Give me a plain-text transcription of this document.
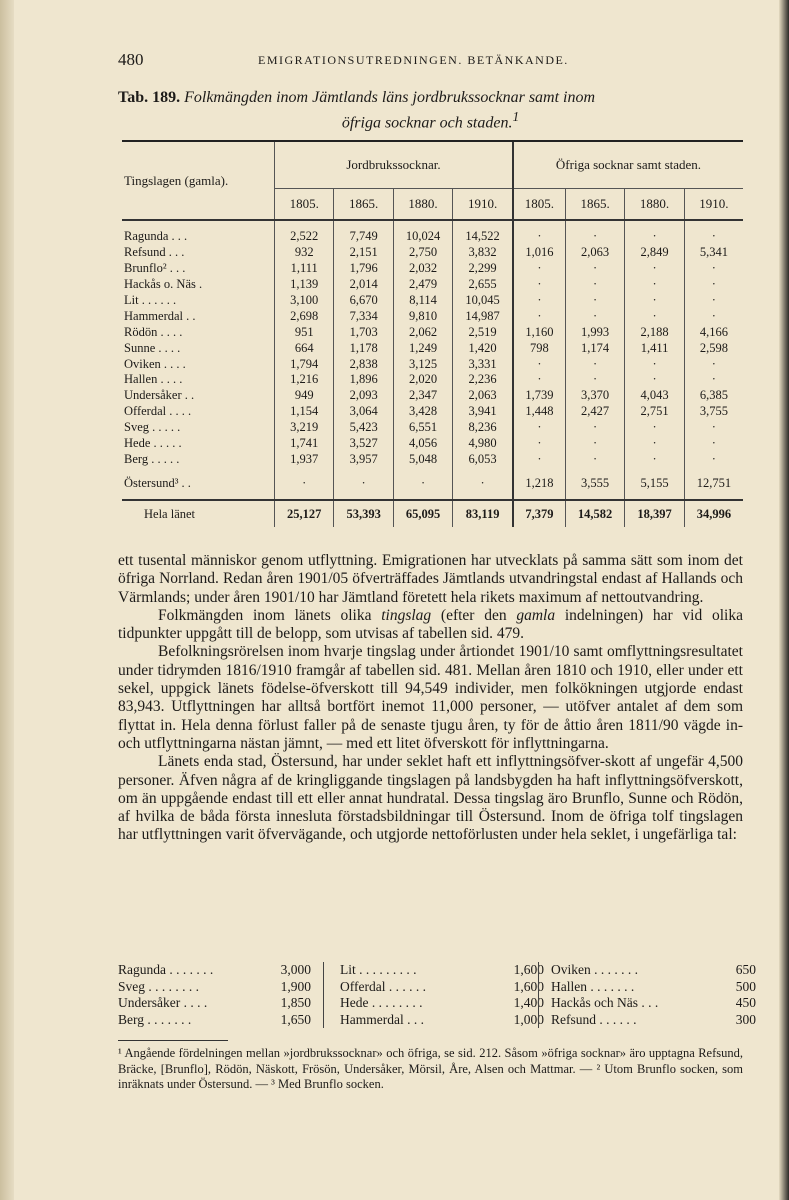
480	EMIGRATIONSUTREDNINGEN. BETÄNKANDE.
Tab. 189. Folkmängden inom Jämtlands läns jordbrukssocknar samt inom
öfriga socknar och staden.$^1$
Tingslagen (gamla).	Jordbrukssocknar.				Öfriga socknar samt staden.			
	1805.	1865.	1880.	1910.	1805.	1865.	1880.	1910.

Ragunda . . .	2,522	7,749	10,024	14,522	·	·	·	·
Refsund . . .	932	2,151	2,750	3,832	1,016	2,063	2,849	5,341
Brunflo² . . .	1,111	1,796	2,032	2,299	·	·	·	·
Hackås o. Näs .	1,139	2,014	2,479	2,655	·	·	·	·
Lit . . . . . .	3,100	6,670	8,114	10,045	·	·	·	·
Hammerdal . .	2,698	7,334	9,810	14,987	·	·	·	·
Rödön . . . .	951	1,703	2,062	2,519	1,160	1,993	2,188	4,166
Sunne . . . .	664	1,178	1,249	1,420	798	1,174	1,411	2,598
Oviken . . . .	1,794	2,838	3,125	3,331	·	·	·	·
Hallen . . . .	1,216	1,896	2,020	2,236	·	·	·	·
Undersåker . .	949	2,093	2,347	2,063	1,739	3,370	4,043	6,385
Offerdal . . . .	1,154	3,064	3,428	3,941	1,448	2,427	2,751	3,755
Sveg . . . . .	3,219	5,423	6,551	8,236	·	·	·	·
Hede . . . . .	1,741	3,527	4,056	4,980	·	·	·	·
Berg . . . . .	1,937	3,957	5,048	6,053	·	·	·	·

Östersund³ . .	·	·	·	·	1,218	3,555	5,155	12,751

Hela länet	25,127	53,393	65,095	83,119	7,379	14,582	18,397	34,996

ett tusental människor genom utflyttning. Emigrationen har utvecklats på samma sätt som inom det öfriga Norrland. Redan åren 1901/05 öfverträffades Jämtlands utvandringstal endast af Hallands och Värmlands; under åren 1901/10 har Jämtland företett hela rikets maximum af nettoutvandring.

Folkmängden inom länets olika tingslag (efter den gamla indelningen) har vid olika tidpunkter uppgått till de belopp, som utvisas af tabellen sid. 479.

Befolkningsrörelsen inom hvarje tingslag under årtiondet 1901/10 samt omflyttningsresultatet under tidrymden 1816/1910 framgår af tabellen sid. 481. Mellan åren 1810 och 1910, eller under ett sekel, uppgick länets födelse-öfverskott till 94,549 individer, men folkökningen utgjorde endast 83,943. Utflyttningen har alltså bortfört inemot 11,000 personer, — utöfver antalet af dem som flyttat in. Hela denna förlust faller på de senaste tjugu åren, ty för de åttio åren 1811/90 vägde in- och utflyttningarna nästan jämnt, — med ett litet öfverskott för inflyttningarna.

Länets enda stad, Östersund, har under seklet haft ett inflyttningsöfver-skott af ungefär 4,500 personer. Äfven några af de kringliggande tingslagen på landsbygden ha haft inflyttningsöfverskott, om än uppgående endast till ett eller annat hundratal. Dessa tingslag äro Brunflo, Sunne och Rödön, af hvilka de båda första innesluta förstadsbildningar till Östersund. Inom de öfriga tolf tingslagen har utflyttningen varit öfvervägande, och utgjorde nettoförlusten under hela seklet, i ungefärliga tal:

Ragunda . . . . . . .	3,000
Sveg . . . . . . . .	1,900
Undersåker . . . .	1,850
Berg . . . . . . .	1,650
Lit . . . . . . . . .	1,600
Offerdal . . . . . .	1,600
Hede . . . . . . . .	1,400
Hammerdal . . .	1,000
Oviken . . . . . . .	650
Hallen . . . . . . .	500
Hackås och Näs . . .	450
Refsund . . . . . .	300

¹ Angående fördelningen mellan »jordbrukssocknar» och öfriga, se sid. 212. Såsom »öfriga socknar» äro upptagna Refsund, Bräcke, [Brunflo], Rödön, Näskott, Frösön, Undersåker, Mörsil, Åre, Alsen och Mattmar. — ² Utom Brunflo socken, som inräknats under Östersund. — ³ Med Brunflo socken.
